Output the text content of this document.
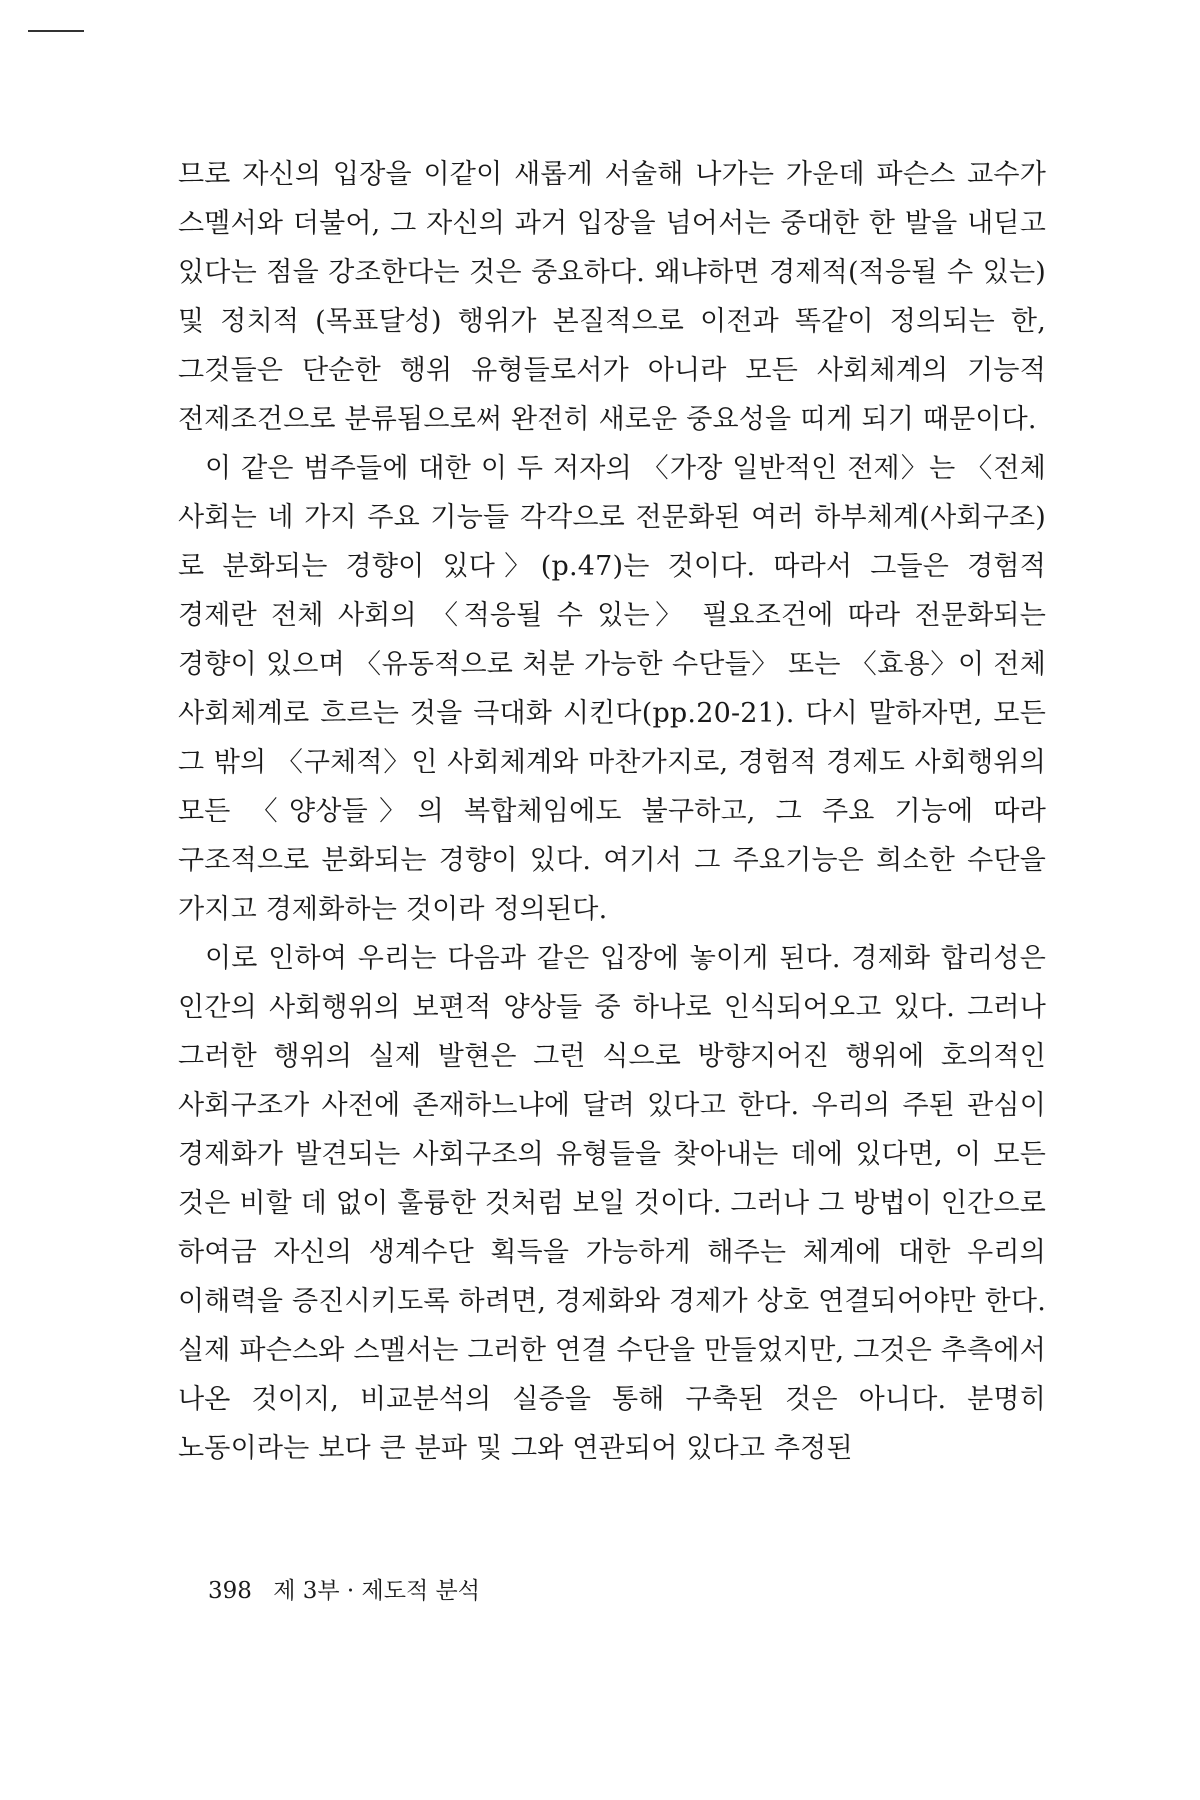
므로 자신의 입장을 이같이 새롭게 서술해 나가는 가운데 파슨스 교수가 스멜서와 더불어, 그 자신의 과거 입장을 넘어서는 중대한 한 발을 내딛고 있다는 점을 강조한다는 것은 중요하다. 왜냐하면 경제적(적응될 수 있는) 및 정치적 (목표달성) 행위가 본질적으로 이전과 똑같이 정의되는 한, 그것들은 단순한 행위 유형들로서가 아니라 모든 사회체계의 기능적 전제조건으로 분류됨으로써 완전히 새로운 중요성을 띠게 되기 때문이다.

이 같은 범주들에 대한 이 두 저자의 〈가장 일반적인 전제〉는 〈전체 사회는 네 가지 주요 기능들 각각으로 전문화된 여러 하부체계(사회구조)로 분화되는 경향이 있다〉(p.47)는 것이다. 따라서 그들은 경험적 경제란 전체 사회의 〈적응될 수 있는〉 필요조건에 따라 전문화되는 경향이 있으며 〈유동적으로 처분 가능한 수단들〉 또는 〈효용〉이 전체 사회체계로 흐르는 것을 극대화 시킨다(pp.20-21). 다시 말하자면, 모든 그 밖의 〈구체적〉인 사회체계와 마찬가지로, 경험적 경제도 사회행위의 모든 〈양상들〉의 복합체임에도 불구하고, 그 주요 기능에 따라 구조적으로 분화되는 경향이 있다. 여기서 그 주요기능은 희소한 수단을 가지고 경제화하는 것이라 정의된다.

이로 인하여 우리는 다음과 같은 입장에 놓이게 된다. 경제화 합리성은 인간의 사회행위의 보편적 양상들 중 하나로 인식되어오고 있다. 그러나 그러한 행위의 실제 발현은 그런 식으로 방향지어진 행위에 호의적인 사회구조가 사전에 존재하느냐에 달려 있다고 한다. 우리의 주된 관심이 경제화가 발견되는 사회구조의 유형들을 찾아내는 데에 있다면, 이 모든 것은 비할 데 없이 훌륭한 것처럼 보일 것이다. 그러나 그 방법이 인간으로 하여금 자신의 생계수단 획득을 가능하게 해주는 체계에 대한 우리의 이해력을 증진시키도록 하려면, 경제화와 경제가 상호 연결되어야만 한다. 실제 파슨스와 스멜서는 그러한 연결 수단을 만들었지만, 그것은 추측에서 나온 것이지, 비교분석의 실증을 통해 구축된 것은 아니다. 분명히 노동이라는 보다 큰 분파 및 그와 연관되어 있다고 추정된

398 제 3부 · 제도적 분석
